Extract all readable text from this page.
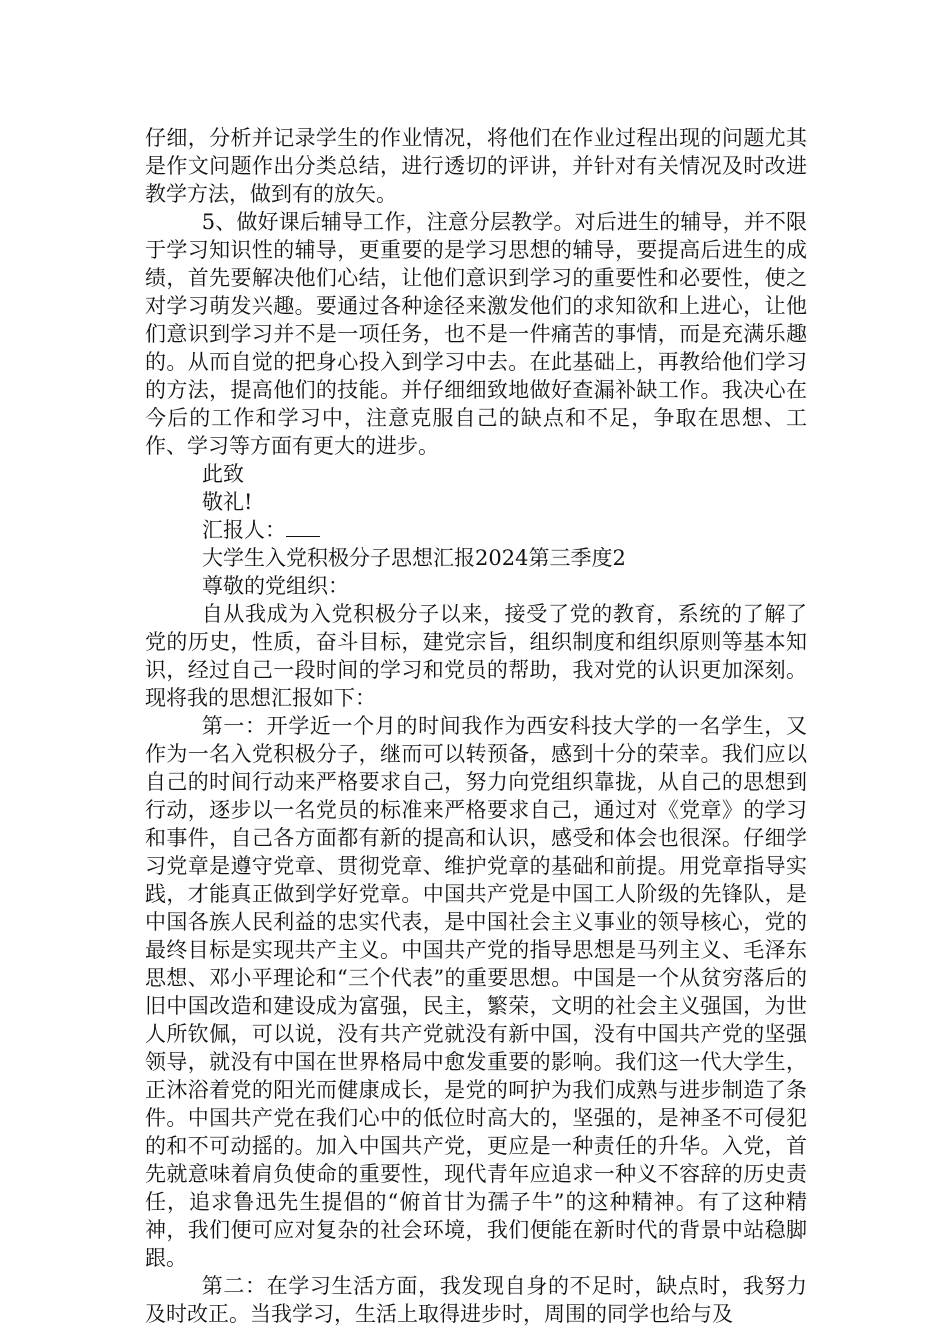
仔细，分析并记录学生的作业情况，将他们在作业过程出现的问题尤其是作文问题作出分类总结，进行透切的评讲，并针对有关情况及时改进教学方法，做到有的放矢。

5、做好课后辅导工作，注意分层教学。对后进生的辅导，并不限于学习知识性的辅导，更重要的是学习思想的辅导，要提高后进生的成绩，首先要解决他们心结，让他们意识到学习的重要性和必要性，使之对学习萌发兴趣。要通过各种途径来激发他们的求知欲和上进心，让他们意识到学习并不是一项任务，也不是一件痛苦的事情，而是充满乐趣的。从而自觉的把身心投入到学习中去。在此基础上，再教给他们学习的方法，提高他们的技能。并仔细细致地做好查漏补缺工作。我决心在今后的工作和学习中，注意克服自己的缺点和不足，争取在思想、工作、学习等方面有更大的进步。

此致

敬礼!

汇报人：

大学生入党积极分子思想汇报2024第三季度2

尊敬的党组织：

自从我成为入党积极分子以来，接受了党的教育，系统的了解了党的历史，性质，奋斗目标，建党宗旨，组织制度和组织原则等基本知识，经过自己一段时间的学习和党员的帮助，我对党的认识更加深刻。现将我的思想汇报如下：

第一：开学近一个月的时间我作为西安科技大学的一名学生，又作为一名入党积极分子，继而可以转预备，感到十分的荣幸。我们应以自己的时间行动来严格要求自己，努力向党组织靠拢，从自己的思想到行动，逐步以一名党员的标准来严格要求自己，通过对《党章》的学习和事件，自己各方面都有新的提高和认识，感受和体会也很深。仔细学习党章是遵守党章、贯彻党章、维护党章的基础和前提。用党章指导实践，才能真正做到学好党章。中国共产党是中国工人阶级的先锋队，是中国各族人民利益的忠实代表，是中国社会主义事业的领导核心，党的最终目标是实现共产主义。中国共产党的指导思想是马列主义、毛泽东思想、邓小平理论和“三个代表”的重要思想。中国是一个从贫穷落后的旧中国改造和建设成为富强，民主，繁荣，文明的社会主义强国，为世人所钦佩，可以说，没有共产党就没有新中国，没有中国共产党的坚强领导，就没有中国在世界格局中愈发重要的影响。我们这一代大学生，正沐浴着党的阳光而健康成长，是党的呵护为我们成熟与进步制造了条件。中国共产党在我们心中的低位时高大的，坚强的，是神圣不可侵犯的和不可动摇的。加入中国共产党，更应是一种责任的升华。入党，首先就意味着肩负使命的重要性，现代青年应追求一种义不容辞的历史责任，追求鲁迅先生提倡的“俯首甘为孺子牛”的这种精神。有了这种精神，我们便可应对复杂的社会环境，我们便能在新时代的背景中站稳脚跟。

第二：在学习生活方面，我发现自身的不足时，缺点时，我努力及时改正。当我学习，生活上取得进步时，周围的同学也给与及
